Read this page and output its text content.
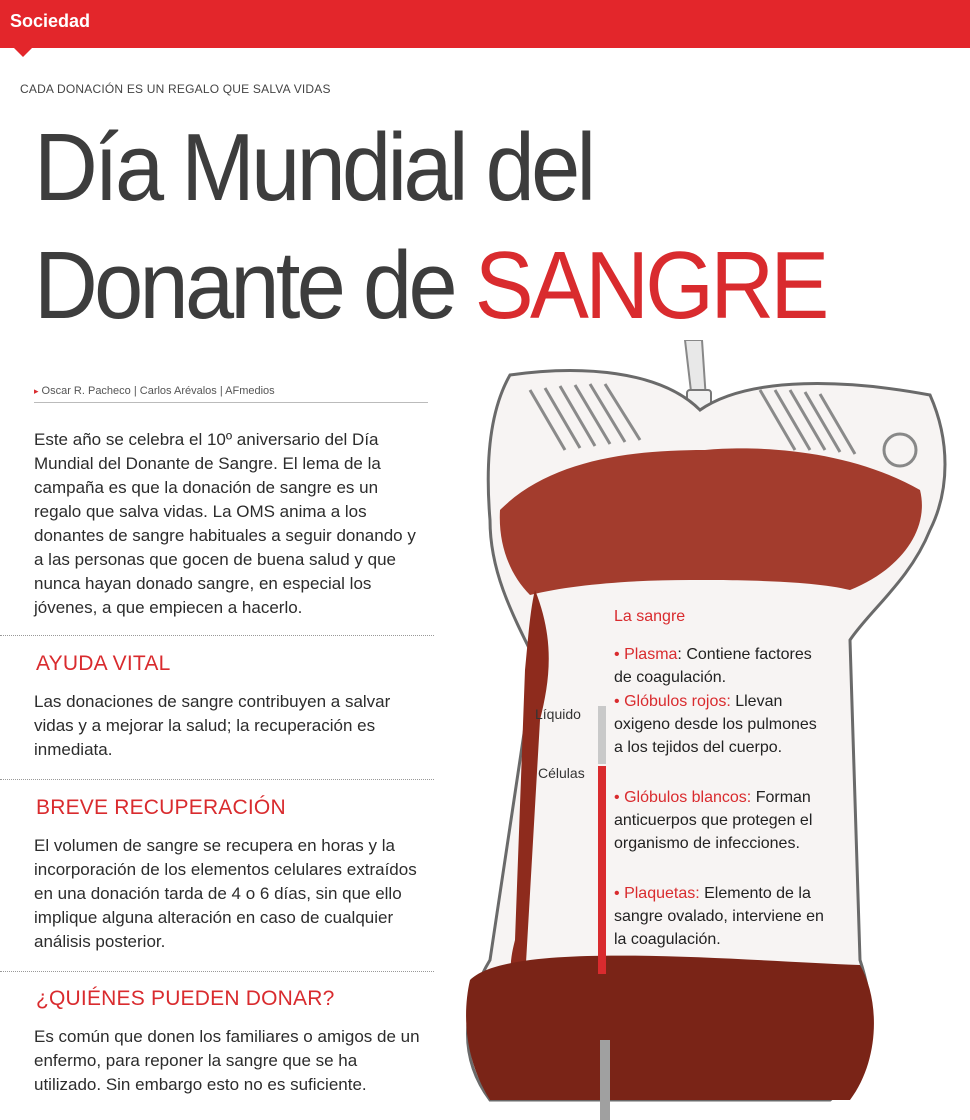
Sociedad
CADA DONACIÓN ES UN REGALO QUE SALVA VIDAS
Día Mundial del
Donante de SANGRE
▸ Oscar R. Pacheco | Carlos Arévalos | AFmedios
Este año se celebra el 10º aniversario del Día Mundial del Donante de Sangre. El lema de la campaña es que la donación de sangre es un regalo que salva vidas. La OMS anima a los donantes de sangre habituales a seguir donando y a las personas que gocen de buena salud y que nunca hayan donado sangre, en especial los jóvenes, a que empiecen a hacerlo.
AYUDA VITAL
Las donaciones de sangre contribuyen a salvar vidas y a mejorar la salud; la recuperación es inmediata.
BREVE RECUPERACIÓN
El volumen de sangre se recupera en horas y la incorporación de los elementos celulares extraídos en una donación tarda de 4 o 6 días, sin que ello implique alguna alteración en caso de cualquier análisis posterior.
¿QUIÉNES PUEDEN DONAR?
Es común que donen los familiares o amigos de un enfermo, para reponer la sangre que se ha utilizado. Sin embargo esto no es suficiente.
La sangre
• Plasma: Contiene factores de coagulación.
• Glóbulos rojos: Llevan oxigeno desde los pulmones a los tejidos del cuerpo.
• Glóbulos blancos: Forman anticuerpos que protegen el organismo de infecciones.
• Plaquetas: Elemento de la sangre ovalado, interviene en la coagulación.
Líquido
Células
